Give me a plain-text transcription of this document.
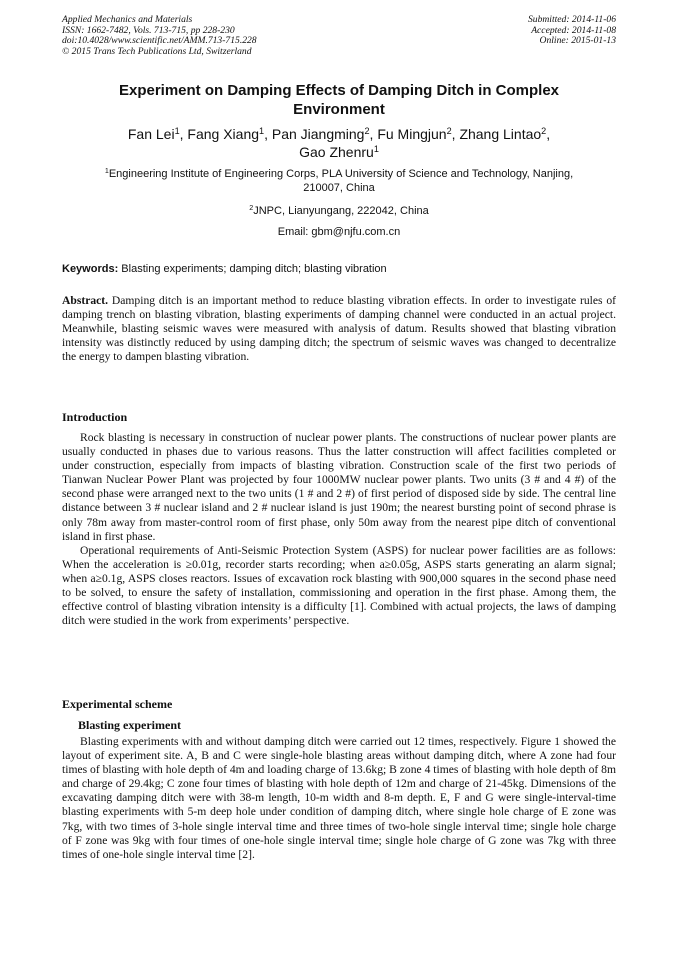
Applied Mechanics and Materials
ISSN: 1662-7482, Vols. 713-715, pp 228-230
doi:10.4028/www.scientific.net/AMM.713-715.228
© 2015 Trans Tech Publications Ltd, Switzerland
Submitted: 2014-11-06
Accepted: 2014-11-08
Online: 2015-01-13
Experiment on Damping Effects of Damping Ditch in Complex
Environment
Fan Lei$^1$, Fang Xiang$^1$, Pan Jiangming$^2$, Fu Mingjun$^2$, Zhang Lintao$^2$,
Gao Zhenru$^1$
$^1$Engineering Institute of Engineering Corps, PLA University of Science and Technology, Nanjing,
210007, China
$^2$JNPC, Lianyungang, 222042, China
Email: gbm@njfu.com.cn
Keywords: Blasting experiments; damping ditch; blasting vibration

Abstract. Damping ditch is an important method to reduce blasting vibration effects. In order to investigate rules of damping trench on blasting vibration, blasting experiments of damping channel were conducted in an actual project. Meanwhile, blasting seismic waves were measured with analysis of datum. Results showed that blasting vibration intensity was distinctly reduced by using damping ditch; the spectrum of seismic waves was changed to decentralize the energy to dampen blasting vibration.

Introduction

Rock blasting is necessary in construction of nuclear power plants. The constructions of nuclear power plants are usually conducted in phases due to various reasons. Thus the latter construction will affect facilities completed or under construction, especially from impacts of blasting vibration. Construction scale of the first two periods of Tianwan Nuclear Power Plant was projected by four 1000MW nuclear power plants. Two units (3 # and 4 #) of the second phase were arranged next to the two units (1 # and 2 #) of first period of disposed side by side. The central line distance between 3 # nuclear island and 2 # nuclear island is just 190m; the nearest bursting point of second phrase is only 78m away from master-control room of first phase, only 50m away from the nearest pipe ditch of conventional island in first phase.

Operational requirements of Anti-Seismic Protection System (ASPS) for nuclear power facilities are as follows: When the acceleration is ≥0.01g, recorder starts recording; when a≥0.05g, ASPS starts generating an alarm signal; when a≥0.1g, ASPS closes reactors. Issues of excavation rock blasting with 900,000 squares in the second phase need to be solved, to ensure the safety of installation, commissioning and operation in the first phase. Among them, the effective control of blasting vibration intensity is a difficulty [1]. Combined with actual projects, the laws of damping ditch were studied in the work from experiments’ perspective.

Experimental scheme
Blasting experiment

Blasting experiments with and without damping ditch were carried out 12 times, respectively. Figure 1 showed the layout of experiment site. A, B and C were single-hole blasting areas without damping ditch, where A zone had four times of blasting with hole depth of 4m and loading charge of 13.6kg; B zone 4 times of blasting with hole depth of 8m and charge of 29.4kg; C zone four times of blasting with hole depth of 12m and charge of 21-45kg. Dimensions of the excavating damping ditch were with 38-m length, 10-m width and 8-m depth. E, F and G were single-interval-time blasting experiments with 5-m deep hole under condition of damping ditch, where single hole charge of E zone was 7kg, with two times of 3-hole single interval time and three times of two-hole single interval time; single hole charge of F zone was 9kg with four times of one-hole single interval time; single hole charge of G zone was 7kg with three times of one-hole single interval time [2].
